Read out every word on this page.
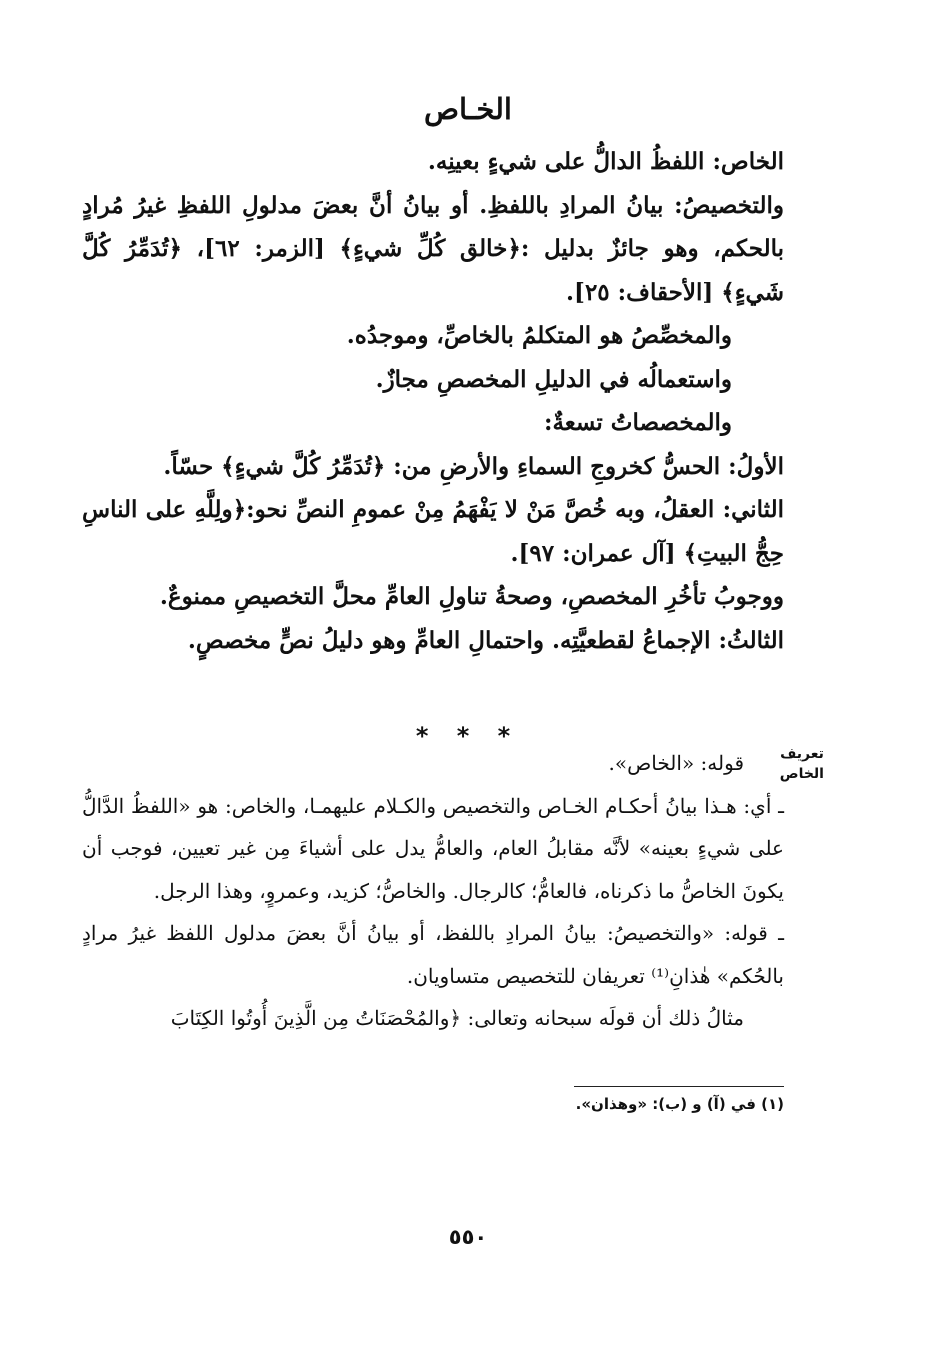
الخـاص

الخاص: اللفظُ الدالُّ على شيءٍ بعينِه.

والتخصيصُ: بيانُ المرادِ باللفظِ. أو بيانُ أنَّ بعضَ مدلولِ اللفظِ غيرُ مُرادٍ بالحكم، وهو جائزٌ بدليل :﴿خالق كُلِّ شيءٍ﴾ [الزمر: ٦٢]، ﴿تُدَمِّرُ كُلَّ شَيءٍ﴾ [الأحقاف: ٢٥].

والمخصِّصُ هو المتكلمُ بالخاصِّ، وموجدُه.

واستعمالُه في الدليلِ المخصصِ مجازٌ.

والمخصصاتُ تسعةٌ:

الأولُ: الحسُّ كخروجِ السماءِ والأرضِ من: ﴿تُدَمِّرُ كُلَّ شيءٍ﴾ حسّاً.

الثاني: العقلُ، وبه خُصَّ مَنْ لا يَفْهَمُ مِنْ عمومِ النصِّ نحو:﴿ولِلَّهِ على الناسِ حِجُّ البيتِ﴾ [آل عمران: ٩٧].

ووجوبُ تأخُرِ المخصصِ، وصحةُ تناولِ العامِّ محلَّ التخصيصِ ممنوعٌ.

الثالثُ: الإجماعُ لقطعيَّتِه. واحتمالِ العامِّ وهو دليلُ نصٍّ مخصصٍ.

* * *
تعريف الخاص

قوله: «الخاص».

ـ أي: هـذا بيانُ أحكـام الخـاص والتخصيص والكـلام عليهمـا، والخاص: هو «اللفظُ الدَّالُّ على شيءٍ بعينه» لأنَّه مقابلُ العام، والعامُّ يدل على أشياءَ مِن غير تعيين، فوجب أن يكونَ الخاصُّ ما ذكرناه، فالعامُّ؛ كالرجال. والخاصُّ؛ كزيد، وعمروٍ، وهذا الرجل.

ـ قوله: «والتخصيصُ: بيانُ المرادِ باللفظ، أو بيانُ أنَّ بعضَ مدلول اللفظ غيرُ مرادٍ بالحُكم» هٰذانِ⁽¹⁾ تعريفان للتخصيص متساويان.

مثالُ ذلك أن قولَه سبحانه وتعالى: ﴿والمُحْصَنَاتُ مِن الَّذِينَ أُوتُوا الكِتَابَ

(١) في (آ) و (ب): «وهذان».
٥٥٠
